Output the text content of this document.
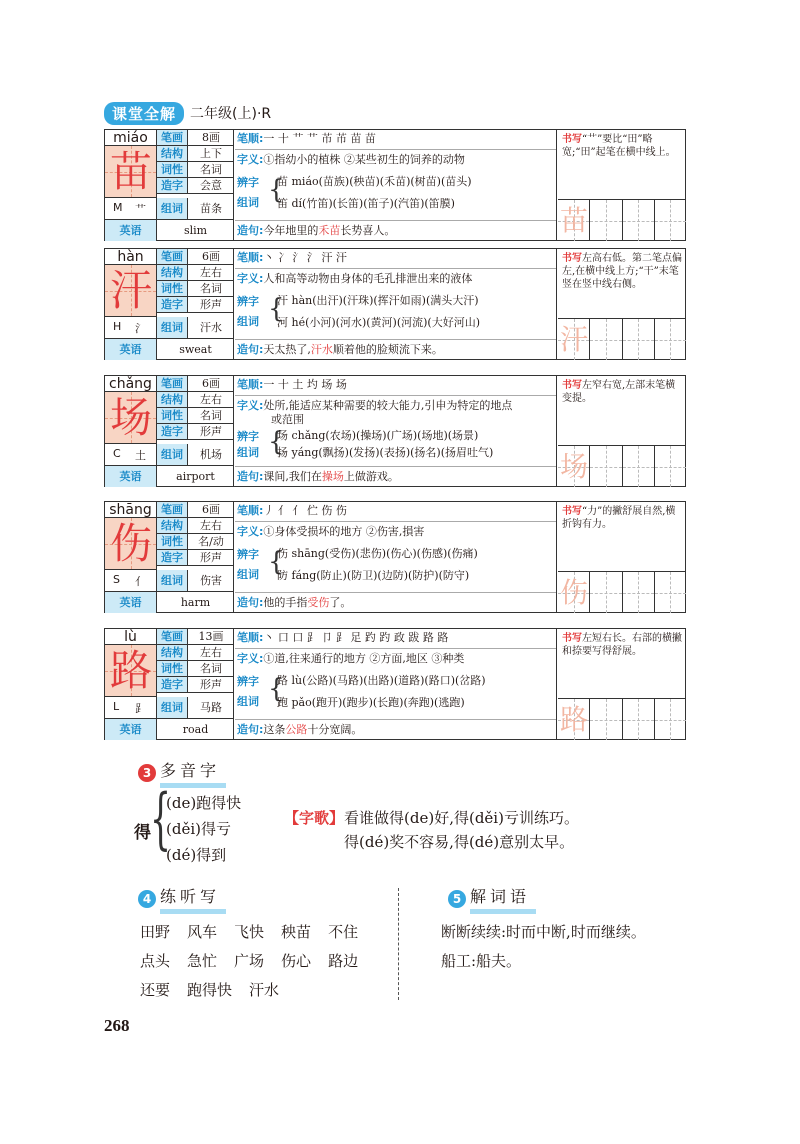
课堂全解	二年级(上)·R
miáo
苗
M 艹
笔画	8画
结构	上下
词性	名词
造字	会意
组词	苗条
英语	slim
笔顺:一 十 艹 艹 芇 芇 苗 苗
字义:①指幼小的植株 ②某些初生的饲养的动物
辨字
组词 {
苗 miáo(苗族)(秧苗)(禾苗)(树苗)(苗头)
笛 dí(竹笛)(长笛)(笛子)(汽笛)(笛膜)
造句:今年地里的禾苗长势喜人。
书写“艹”要比“田”略宽;“田”起笔在横中线上。
苗
hàn
汗
H 氵
笔画	6画
结构	左右
词性	名词
造字	形声
组词	汗水
英语	sweat
笔顺:丶 冫 氵 氵 汗 汗
字义:人和高等动物由身体的毛孔排泄出来的液体
辨字
组词 {
汗 hàn(出汗)(汗珠)(挥汗如雨)(满头大汗)
河 hé(小河)(河水)(黄河)(河流)(大好河山)
造句:天太热了,汗水顺着他的脸颊流下来。
书写左高右低。第二笔点偏左,在横中线上方;“干”末笔竖在竖中线右侧。
汗
chǎng
场
C 土
笔画	6画
结构	左右
词性	名词
造字	形声
组词	机场
英语	airport
笔顺:一 十 土 圴 场 场
字义:处所,能适应某种需要的较大能力,引申为特定的地点
或范围
辨字
组词 {
场 chǎng(农场)(操场)(广场)(场地)(场景)
扬 yáng(飘扬)(发扬)(表扬)(扬名)(扬眉吐气)
造句:课间,我们在操场上做游戏。
书写左窄右宽,左部末笔横变提。
场
shāng
伤
S 亻
笔画	6画
结构	左右
词性	名/动
造字	形声
组词	伤害
英语	harm
笔顺:丿 亻 亻 伫 伤 伤
字义:①身体受损坏的地方 ②伤害,損害
辨字
组词 {
伤 shāng(受伤)(悲伤)(伤心)(伤感)(伤痛)
防 fáng(防止)(防卫)(边防)(防护)(防守)
造句:他的手指受伤了。
书写“力”的撇舒展自然,横折钩有力。
伤
lù
路
L ⻊
笔画	13画
结构	左右
词性	名词
造字	形声
组词	马路
英语	road
笔顺:丶 口 口 ⻊ 卩 ⻊ 足 趵 趵 政 跋 路 路
字义:①道,往来通行的地方 ②方面,地区 ③种类
辨字
组词 {
路 lù(公路)(马路)(出路)(道路)(路口)(岔路)
跑 pǎo(跑开)(跑步)(长跑)(奔跑)(逃跑)
造句:这条公路十分宽阔。
书写左短右长。右部的横撇和捺要写得舒展。
路
3 多音字
得 {
(de)跑得快
(děi)得亏
(dé)得到
【字歌】看谁做得(de)好,得(děi)亏训练巧。
得(dé)奖不容易,得(dé)意别太早。
4 练听写
田野 风车 飞快 秧苗 不住
点头 急忙 广场 伤心 路边
还要 跑得快 汗水
5 解词语
断断续续:时而中断,时而继续。
船工:船夫。
268
